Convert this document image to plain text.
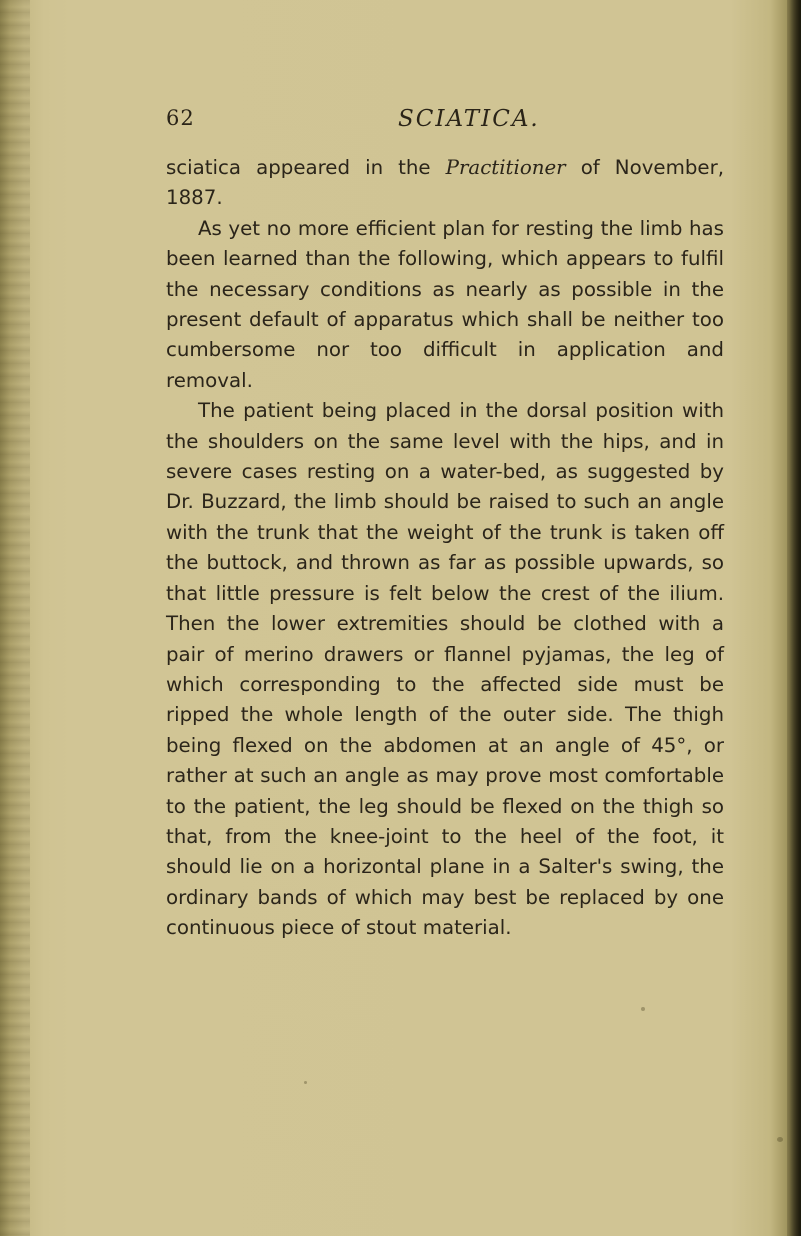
62	SCIATICA.

sciatica appeared in the Practitioner of November, 1887.

As yet no more efficient plan for resting the limb has been learned than the following, which appears to fulfil the necessary conditions as nearly as possible in the present default of apparatus which shall be neither too cumbersome nor too difficult in application and removal.

The patient being placed in the dorsal position with the shoulders on the same level with the hips, and in severe cases resting on a water-bed, as suggested by Dr. Buzzard, the limb should be raised to such an angle with the trunk that the weight of the trunk is taken off the buttock, and thrown as far as possible upwards, so that little pressure is felt below the crest of the ilium. Then the lower extremities should be clothed with a pair of merino drawers or flannel pyjamas, the leg of which corresponding to the affected side must be ripped the whole length of the outer side. The thigh being flexed on the abdomen at an angle of 45°, or rather at such an angle as may prove most comfortable to the patient, the leg should be flexed on the thigh so that, from the knee-joint to the heel of the foot, it should lie on a horizontal plane in a Salter's swing, the ordinary bands of which may best be replaced by one continuous piece of stout material.
